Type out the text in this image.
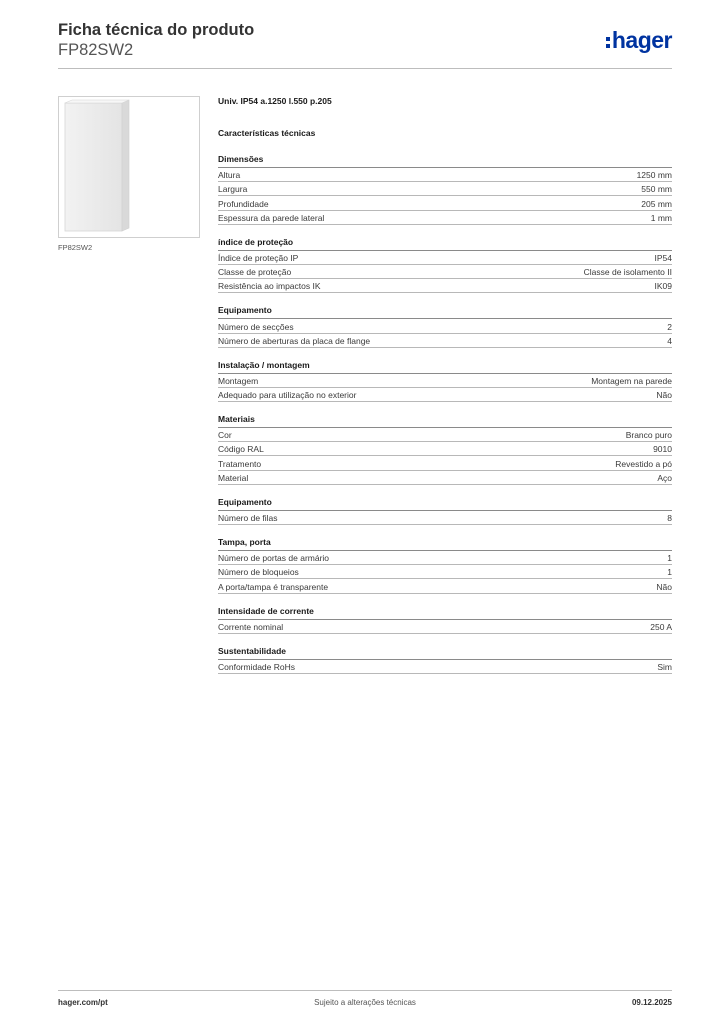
Ficha técnica do produto
FP82SW2	hager
FP82SW2
Univ. IP54 a.1250 l.550 p.205
Características técnicas
Dimensões
Altura	1250 mm
Largura	550 mm
Profundidade	205 mm
Espessura da parede lateral	1 mm
índice de proteção
Índice de proteção IP	IP54
Classe de proteção	Classe de isolamento II
Resistência ao impactos IK	IK09
Equipamento
Número de secções	2
Número de aberturas da placa de flange	4
Instalação / montagem
Montagem	Montagem na parede
Adequado para utilização no exterior	Não
Materiais
Cor	Branco puro
Código RAL	9010
Tratamento	Revestido a pó
Material	Aço
Equipamento
Número de filas	8
Tampa, porta
Número de portas de armário	1
Número de bloqueios	1
A porta/tampa é transparente	Não
Intensidade de corrente
Corrente nominal	250 A
Sustentabilidade
Conformidade RoHs	Sim
hager.com/pt	Sujeito a alterações técnicas	09.12.2025
